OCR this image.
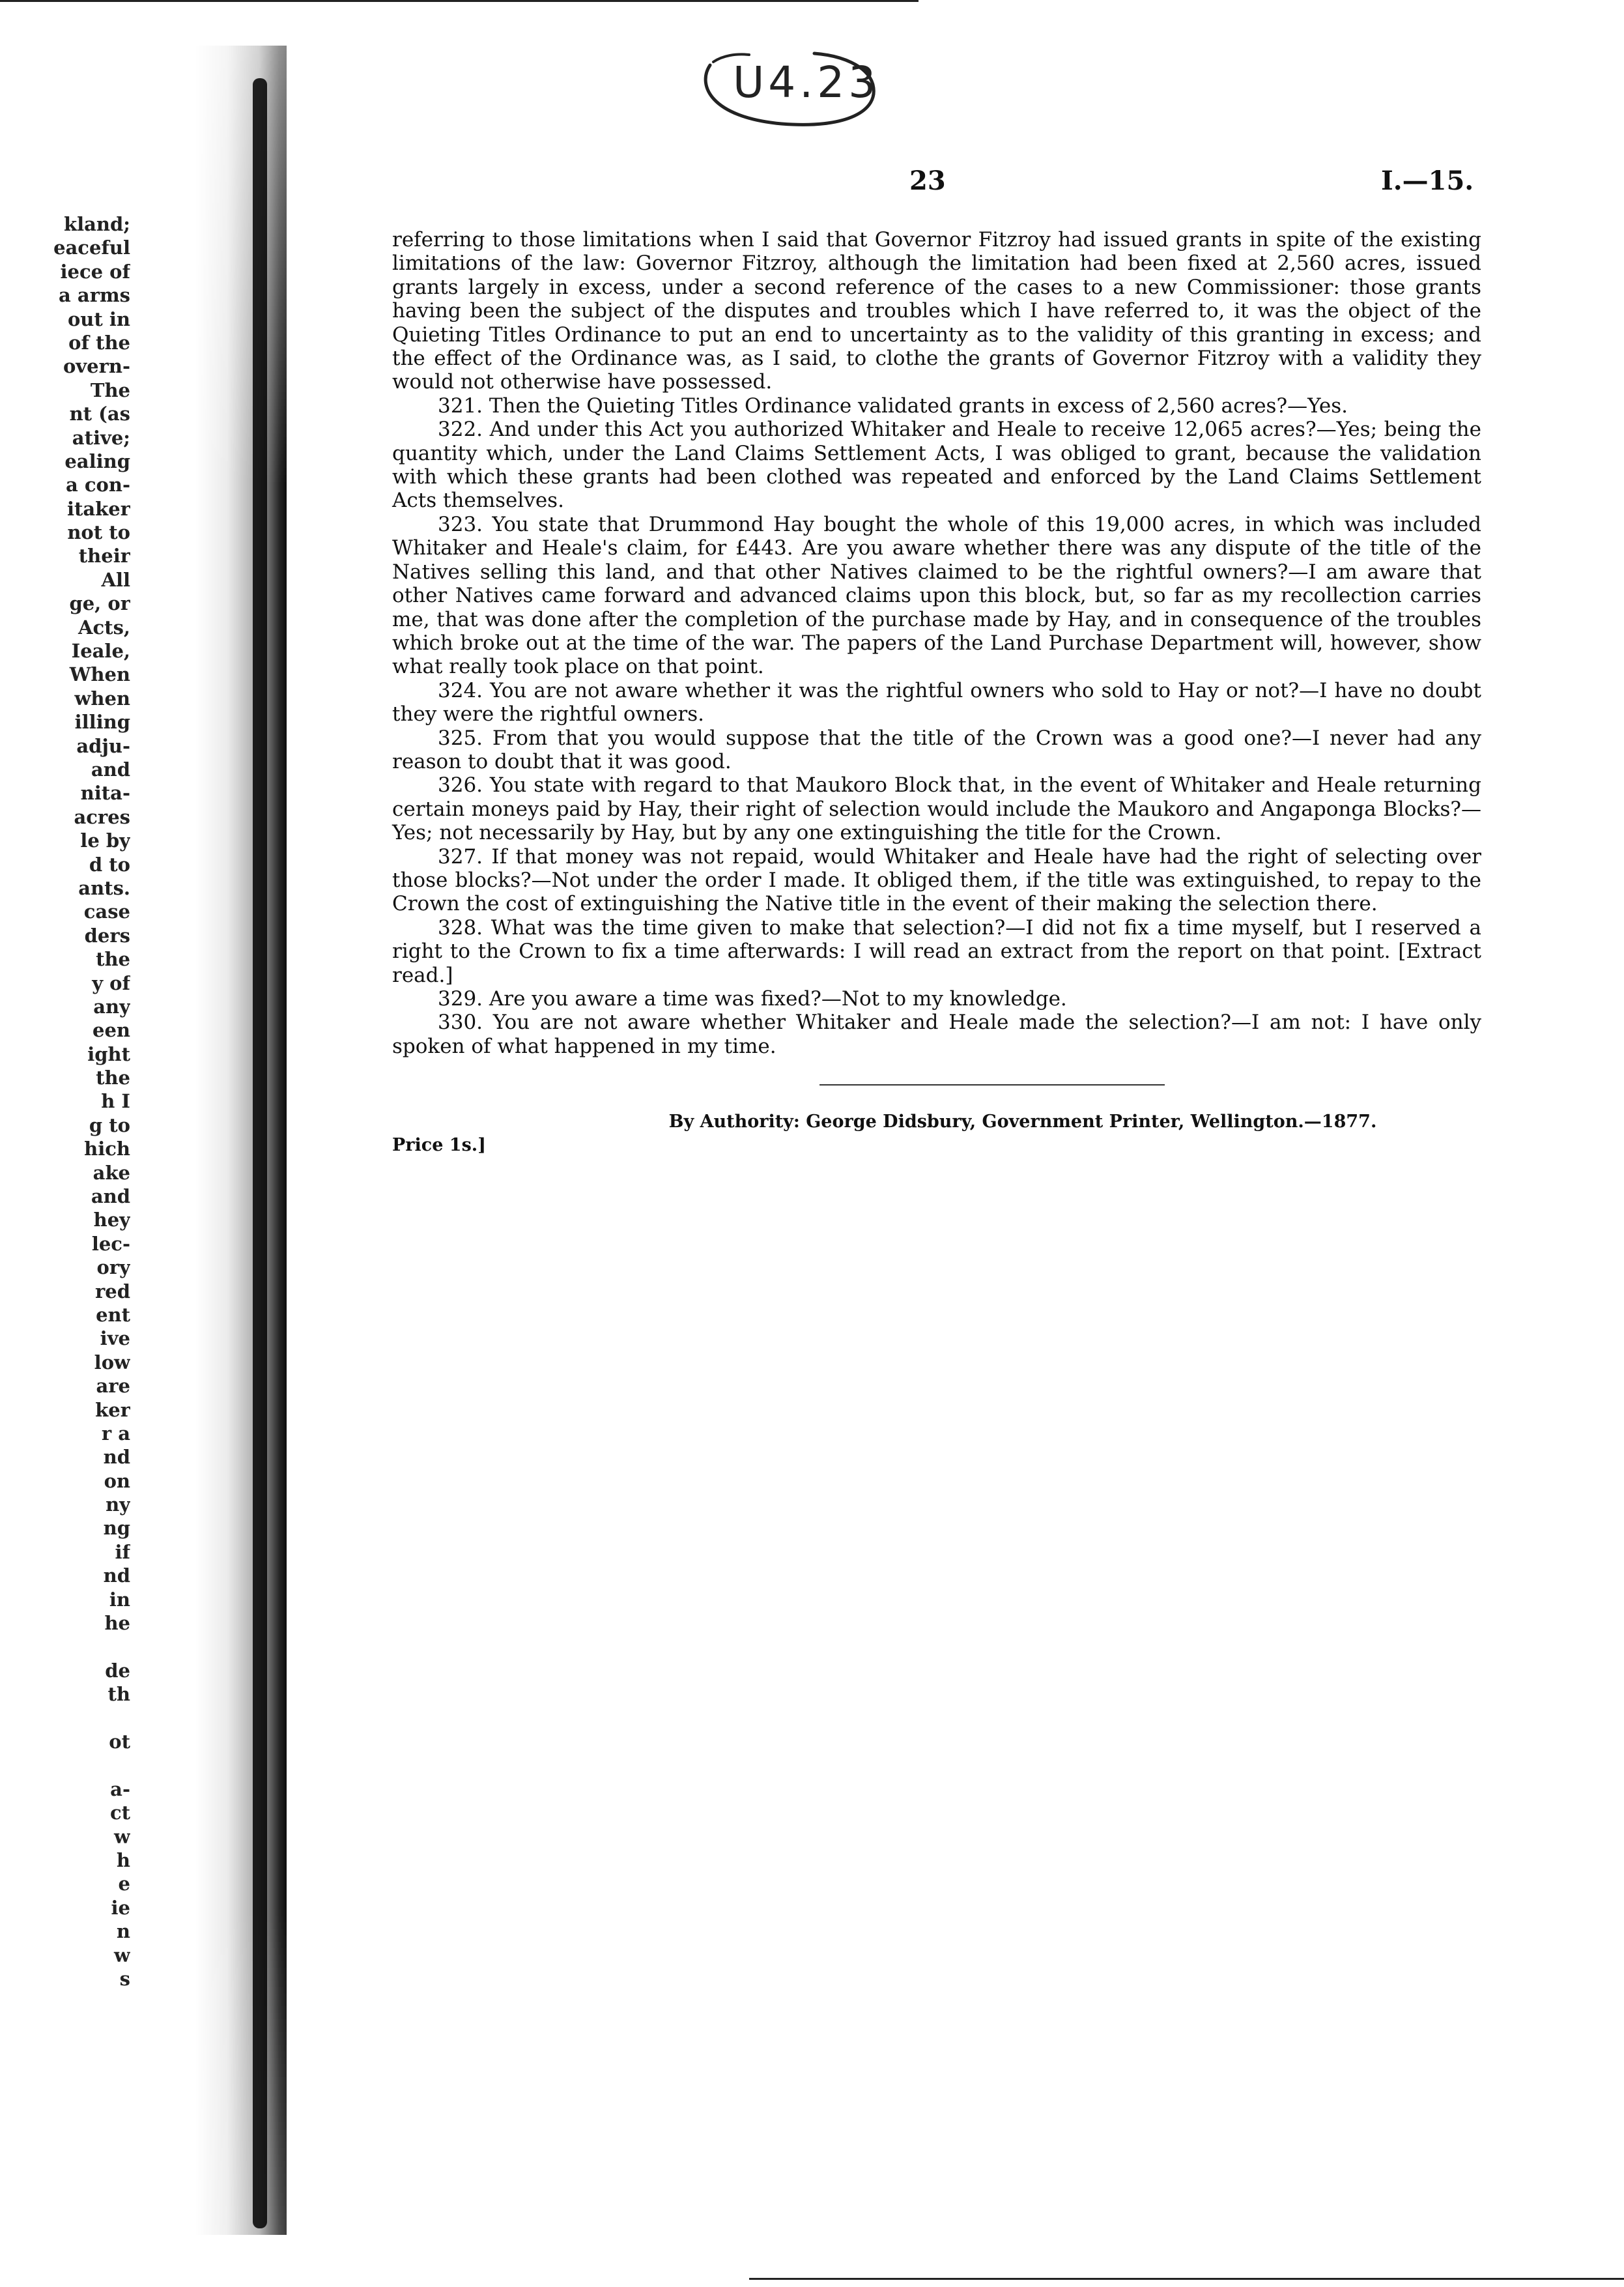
U4.23
23	I.—15.
kland;
eaceful
iece of
a arms
out in
of the
overn-
The
nt (as
ative;
ealing
a con-
itaker
not to
their
All
ge, or
Acts,
Ieale,
When
when
illing
adju-
and
nita-
acres
le by
d to
ants.
case
ders
the
y of
any
een
ight
the
h I
g to
hich
ake
and
hey
lec-
ory
red
ent
ive
low
are
ker
r a
nd
on
ny
ng
if
nd
in
he
de
th
ot
a-
ct
w
h
e
ie
n
w
s

referring to those limitations when I said that Governor Fitzroy had issued grants in spite of the existing limitations of the law: Governor Fitzroy, although the limitation had been fixed at 2,560 acres, issued grants largely in excess, under a second reference of the cases to a new Commissioner: those grants having been the subject of the disputes and troubles which I have referred to, it was the object of the Quieting Titles Ordinance to put an end to uncertainty as to the validity of this granting in excess; and the effect of the Ordinance was, as I said, to clothe the grants of Governor Fitzroy with a validity they would not otherwise have possessed.

321. Then the Quieting Titles Ordinance validated grants in excess of 2,560 acres?—Yes.

322. And under this Act you authorized Whitaker and Heale to receive 12,065 acres?—Yes; being the quantity which, under the Land Claims Settlement Acts, I was obliged to grant, because the validation with which these grants had been clothed was repeated and enforced by the Land Claims Settlement Acts themselves.

323. You state that Drummond Hay bought the whole of this 19,000 acres, in which was included Whitaker and Heale's claim, for £443. Are you aware whether there was any dispute of the title of the Natives selling this land, and that other Natives claimed to be the rightful owners?—I am aware that other Natives came forward and advanced claims upon this block, but, so far as my recollection carries me, that was done after the completion of the purchase made by Hay, and in consequence of the troubles which broke out at the time of the war. The papers of the Land Purchase Department will, however, show what really took place on that point.

324. You are not aware whether it was the rightful owners who sold to Hay or not?—I have no doubt they were the rightful owners.

325. From that you would suppose that the title of the Crown was a good one?—I never had any reason to doubt that it was good.

326. You state with regard to that Maukoro Block that, in the event of Whitaker and Heale returning certain moneys paid by Hay, their right of selection would include the Maukoro and Angaponga Blocks?—Yes; not necessarily by Hay, but by any one extinguishing the title for the Crown.

327. If that money was not repaid, would Whitaker and Heale have had the right of selecting over those blocks?—Not under the order I made. It obliged them, if the title was extinguished, to repay to the Crown the cost of extinguishing the Native title in the event of their making the selection there.

328. What was the time given to make that selection?—I did not fix a time myself, but I reserved a right to the Crown to fix a time afterwards: I will read an extract from the report on that point. [Extract read.]

329. Are you aware a time was fixed?—Not to my knowledge.

330. You are not aware whether Whitaker and Heale made the selection?—I am not: I have only spoken of what happened in my time.

By Authority: George Didsbury, Government Printer, Wellington.—1877.
Price 1s.]
